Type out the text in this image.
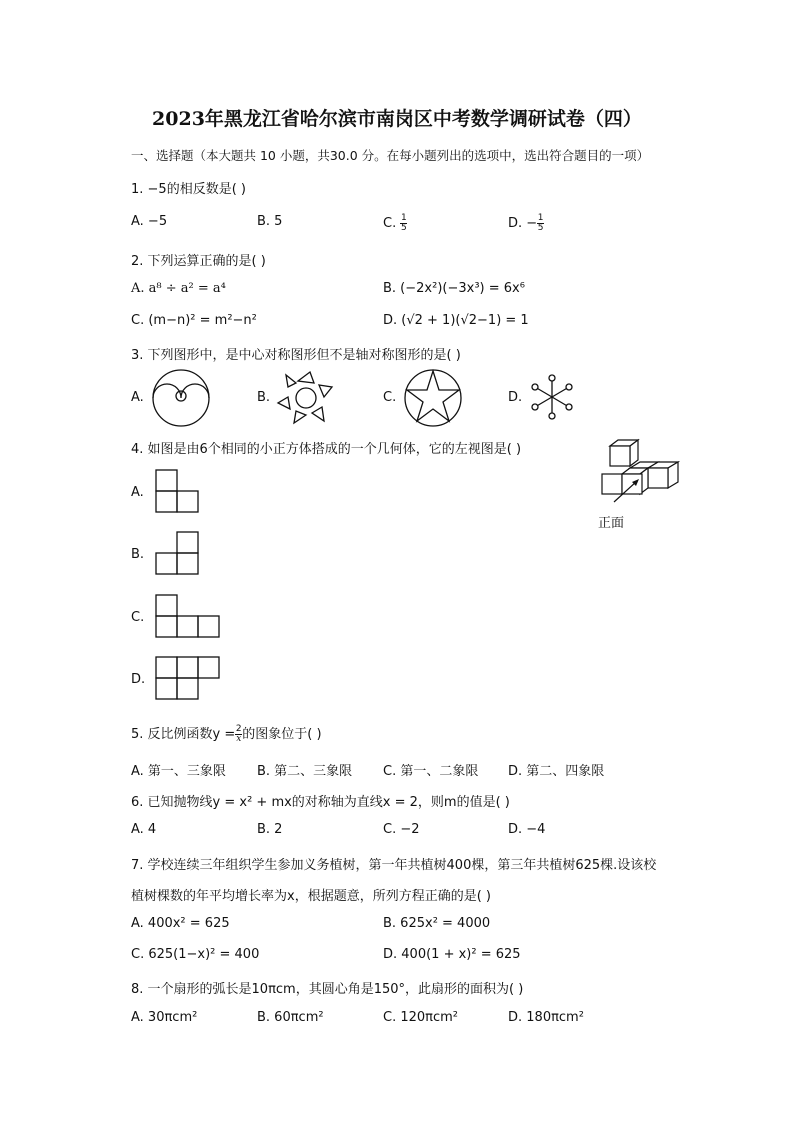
2023年黑龙江省哈尔滨市南岗区中考数学调研试卷（四）
一、选择题（本大题共 10 小题，共30.0 分。在每小题列出的选项中，选出符合题目的一项）
1. −5的相反数是( )
A. −5	B. 5	C. $\frac{1}{5}$	D. − $\frac{1}{5}$
2. 下列运算正确的是( )
A. a⁸ ÷ a² = a⁴	B. (−2x²)(−3x³) = 6x⁶
C. (m−n)² = m²−n²	D. (√2 + 1)(√2−1) = 1
3. 下列图形中，是中心对称图形但不是轴对称图形的是( )
A.	B.	C.	D.
4. 如图是由6个相同的小正方体搭成的一个几何体，它的左视图是( )
正面
A.
B.
C.
D.
5. 反比例函数$y = \frac{2}{x}$ 的图象位于( )
A. 第一、三象限 B. 第二、三象限 C. 第一、二象限 D. 第二、四象限
6. 已知抛物线y = x² + mx的对称轴为直线x = 2，则m的值是( )
A. 4	B. 2	C. −2	D. −4
7. 学校连续三年组织学生参加义务植树，第一年共植树400棵，第三年共植树625棵.设该校
植树棵数的年平均增长率为x，根据题意，所列方程正确的是( )
A. 400x² = 625	B. 625x² = 4000
C. 625(1−x)² = 400	D. 400(1 + x)² = 625
8. 一个扇形的弧长是10πcm，其圆心角是150°，此扇形的面积为( )
A. 30πcm²	B. 60πcm²	C. 120πcm²	D. 180πcm²
